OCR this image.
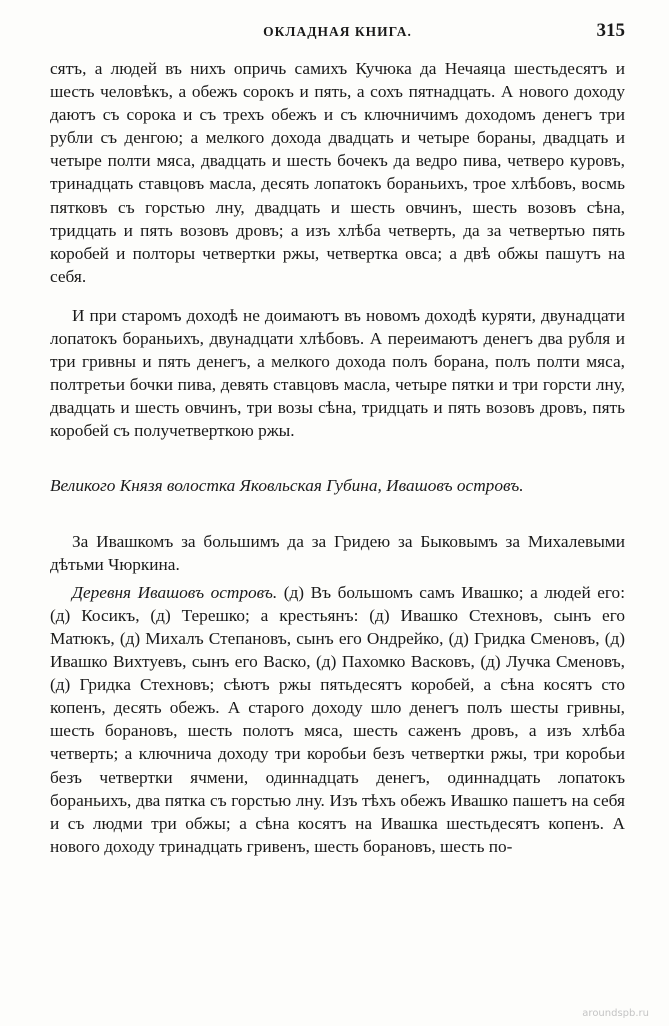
ОКЛАДНАЯ КНИГА.	315

сятъ, а людей въ нихъ опричь самихъ Кучюка да Нечаяца шестьдесятъ и шесть человѣкъ, а обежъ сорокъ и пять, а сохъ пятнадцать. А нового доходу даютъ съ сорока и съ трехъ обежъ и съ ключничимъ доходомъ денегъ три рубли съ денгою; а мелкого дохода двадцать и четыре бораны, двадцать и четыре полти мяса, двадцать и шесть бочекъ да ведро пива, четверо куровъ, тринадцать ставцовъ масла, десять лопатокъ бораньихъ, трое хлѣбовъ, восмь пятковъ съ горстью лну, двадцать и шесть овчинъ, шесть возовъ сѣна, тридцать и пять возовъ дровъ; а изъ хлѣба четверть, да за четвертью пять коробей и полторы четвертки ржы, четвертка овса; а двѣ обжы пашутъ на себя.

И при старомъ доходѣ не доимаютъ въ новомъ доходѣ куряти, двунадцати лопатокъ бораньихъ, двунадцати хлѣбовъ. А переимаютъ денегъ два рубля и три гривны и пять денегъ, а мелкого дохода полъ борана, полъ полти мяса, полтретьи бочки пива, девять ставцовъ масла, четыре пятки и три горсти лну, двадцать и шесть овчинъ, три возы сѣна, тридцать и пять возовъ дровъ, пять коробей съ получетверткою ржы.

Великого Князя волостка Яковльская Губина, Ивашовъ островъ.

За Ивашкомъ за большимъ да за Гридею за Быковымъ за Михалевыми дѣтьми Чюркина.

Деревня Ивашовъ островъ. (д) Въ большомъ самъ Ивашко; а людей его: (д) Косикъ, (д) Терешко; а крестьянъ: (д) Ивашко Стехновъ, сынъ его Матюкъ, (д) Михалъ Степановъ, сынъ его Ондрейко, (д) Гридка Сменовъ, (д) Ивашко Вихтуевъ, сынъ его Васко, (д) Пахомко Васковъ, (д) Лучка Сменовъ, (д) Гридка Стехновъ; сѣютъ ржы пятьдесятъ коробей, а сѣна косятъ сто копенъ, десять обежъ. А старого доходу шло денегъ полъ шесты гривны, шесть борановъ, шесть полотъ мяса, шесть саженъ дровъ, а изъ хлѣба четверть; а ключнича доходу три коробьи безъ четвертки ржы, три коробьи безъ четвертки ячмени, одиннадцать денегъ, одиннадцать лопатокъ бораньихъ, два пятка съ горстью лну. Изъ тѣхъ обежъ Ивашко пашетъ на себя и съ людми три обжы; а сѣна косятъ на Ивашка шестьдесятъ копенъ. А нового доходу тринадцать гривенъ, шесть борановъ, шесть по-

aroundspb.ru
